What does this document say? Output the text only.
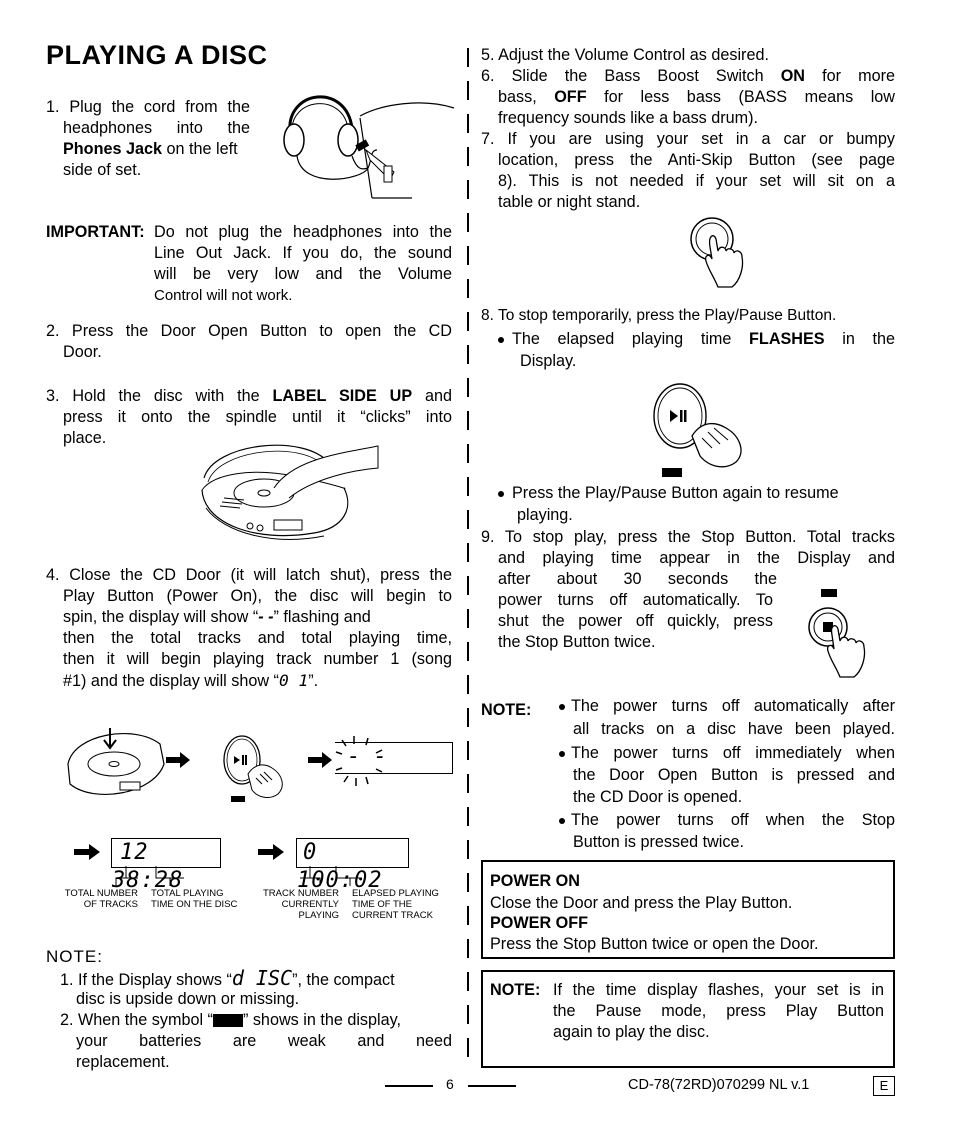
PLAYING A DISC
1. Plug the cord from the
headphones into the
Phones Jack on the left
side of set.
IMPORTANT: Do not plug the headphones into the
Line Out Jack. If you do, the sound
will be very low and the Volume
Control will not work.
2. Press the Door Open Button to open the CD
Door.
3. Hold the disc with the LABEL SIDE UP and
press it onto the spindle until it “clicks” into
place.
4. Close the CD Door (it will latch shut), press the
Play Button (Power On), the disc will begin to
spin, the display will show “- -” flashing and
then the total tracks and total playing time,
then it will begin playing track number 1 (song
#1) and the display will show “0 1”.
- -
12 38:28
0 100:02
TOTAL NUMBER
OF TRACKS
TOTAL PLAYING
TIME ON THE DISC
TRACK NUMBER
CURRENTLY
PLAYING
ELAPSED PLAYING
TIME OF THE
CURRENT TRACK
NOTE:
1. If the Display shows “d ISC”, the compact
disc is upside down or missing.
2. When the symbol “ ” shows in the display,
your batteries are weak and need
replacement.
5. Adjust the Volume Control as desired.
6. Slide the Bass Boost Switch ON for more
bass, OFF for less bass (BASS means low
frequency sounds like a bass drum).
7. If you are using your set in a car or bumpy
location, press the Anti-Skip Button (see page
8). This is not needed if your set will sit on a
table or night stand.
8. To stop temporarily, press the Play/Pause Button.
The elapsed playing time FLASHES in the
Display.
Press the Play/Pause Button again to resume
playing.
9. To stop play, press the Stop Button. Total tracks
and playing time appear in the Display and
after about 30 seconds the
power turns off automatically. To
shut the power off quickly, press
the Stop Button twice.
NOTE:	The power turns off automatically after
all tracks on a disc have been played.
The power turns off immediately when
the Door Open Button is pressed and
the CD Door is opened.
The power turns off when the Stop
Button is pressed twice.
POWER ON
Close the Door and press the Play Button.
POWER OFF
Press the Stop Button twice or open the Door.
NOTE: If the time display flashes, your set is in
the Pause mode, press Play Button
again to play the disc.
6	CD-78(72RD)070299 NL v.1	E
